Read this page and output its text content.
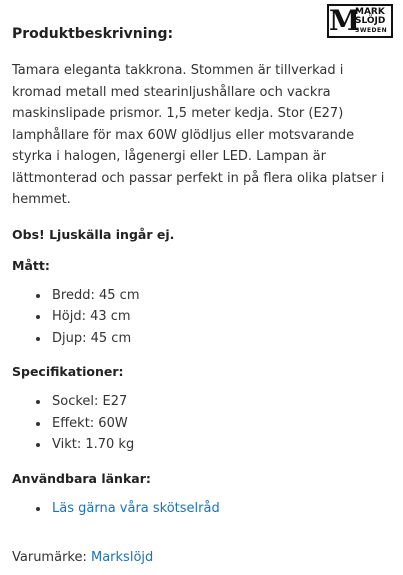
Produktbeskrivning:	M
MARK
SLÖJD
SWEDEN

Tamara eleganta takkrona. Stommen är tillverkad i kromad metall med stearinljushållare och vackra maskinslipade prismor. 1,5 meter kedja. Stor (E27) lamphållare för max 60W glödljus eller motsvarande styrka i halogen, lågenergi eller LED. Lampan är lättmonterad och passar perfekt in på flera olika platser i hemmet.

Obs! Ljuskälla ingår ej.

Mått:

• Bredd: 45 cm
• Höjd: 43 cm
• Djup: 45 cm

Specifikationer:

• Sockel: E27
• Effekt: 60W
• Vikt: 1.70 kg

Användbara länkar:

• Läs gärna våra skötselråd
Varumärke: Markslöjd
